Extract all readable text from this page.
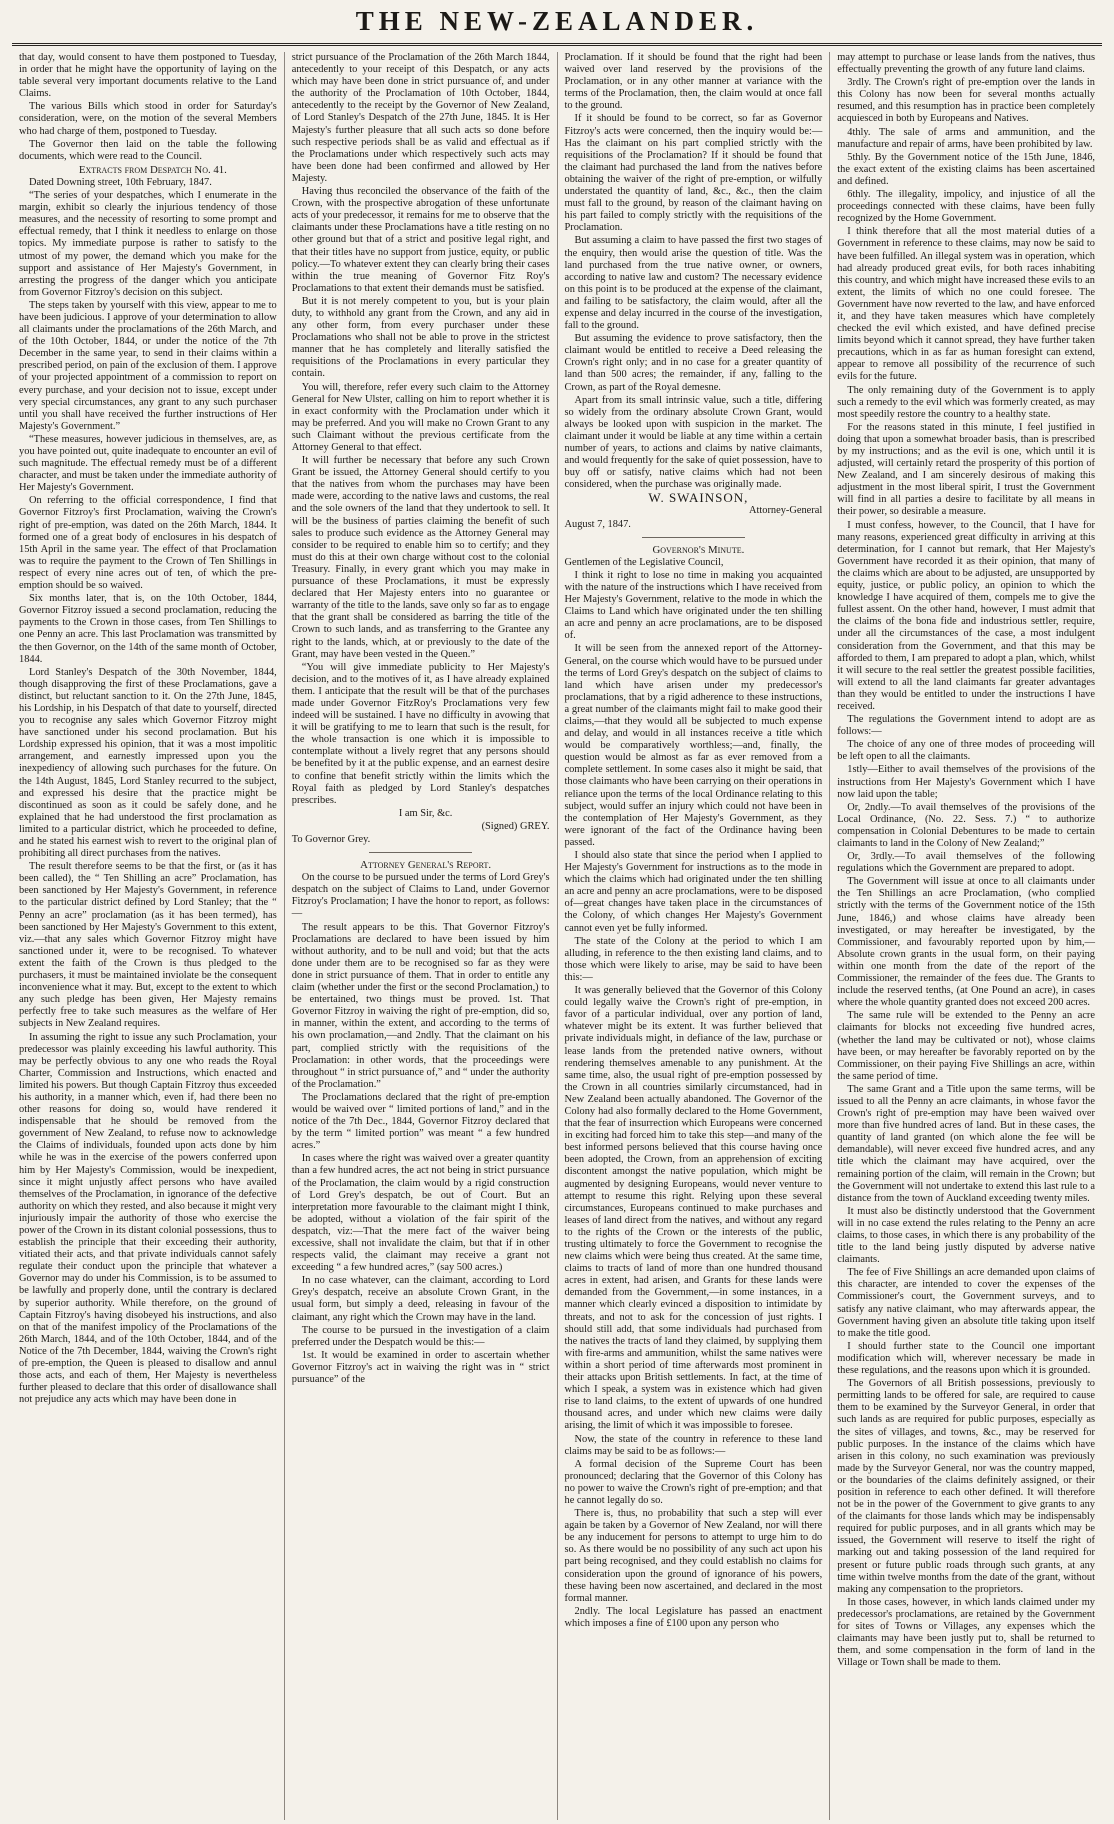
THE NEW-ZEALANDER.

that day, would consent to have them postponed to Tuesday, in order that he might have the opportunity of laying on the table several very important documents relative to the Land Claims.

The various Bills which stood in order for Saturday's consideration, were, on the motion of the several Members who had charge of them, postponed to Tuesday.

The Governor then laid on the table the following documents, which were read to the Council.

Extracts from Despatch No. 41.

Dated Downing street, 10th February, 1847.

“The series of your despatches, which I enumerate in the margin, exhibit so clearly the injurious tendency of those measures, and the necessity of resorting to some prompt and effectual remedy, that I think it needless to enlarge on those topics. My immediate purpose is rather to satisfy to the utmost of my power, the demand which you make for the support and assistance of Her Majesty's Government, in arresting the progress of the danger which you anticipate from Governor Fitzroy's decision on this subject.

The steps taken by yourself with this view, appear to me to have been judicious. I approve of your determination to allow all claimants under the proclamations of the 26th March, and of the 10th October, 1844, or under the notice of the 7th December in the same year, to send in their claims within a prescribed period, on pain of the exclusion of them. I approve of your projected appointment of a commission to report on every purchase, and your decision not to issue, except under very special circumstances, any grant to any such purchaser until you shall have received the further instructions of Her Majesty's Government.”

“These measures, however judicious in themselves, are, as you have pointed out, quite inadequate to encounter an evil of such magnitude. The effectual remedy must be of a different character, and must be taken under the immediate authority of Her Majesty's Government.

On referring to the official correspondence, I find that Governor Fitzroy's first Proclamation, waiving the Crown's right of pre-emption, was dated on the 26th March, 1844. It formed one of a great body of enclosures in his despatch of 15th April in the same year. The effect of that Proclamation was to require the payment to the Crown of Ten Shillings in respect of every nine acres out of ten, of which the pre-emption should be so waived.

Six months later, that is, on the 10th October, 1844, Governor Fitzroy issued a second proclamation, reducing the payments to the Crown in those cases, from Ten Shillings to one Penny an acre. This last Proclamation was transmitted by the then Governor, on the 14th of the same month of October, 1844.

Lord Stanley's Despatch of the 30th November, 1844, though disapproving the first of these Proclamations, gave a distinct, but reluctant sanction to it. On the 27th June, 1845, his Lordship, in his Despatch of that date to yourself, directed you to recognise any sales which Governor Fitzroy might have sanctioned under his second proclamation. But his Lordship expressed his opinion, that it was a most impolitic arrangement, and earnestly impressed upon you the inexpediency of allowing such purchases for the future. On the 14th August, 1845, Lord Stanley recurred to the subject, and expressed his desire that the practice might be discontinued as soon as it could be safely done, and he explained that he had understood the first proclamation as limited to a particular district, which he proceeded to define, and he stated his earnest wish to revert to the original plan of prohibiting all direct purchases from the natives.

The result therefore seems to be that the first, or (as it has been called), the “ Ten Shilling an acre” Proclamation, has been sanctioned by Her Majesty's Government, in reference to the particular district defined by Lord Stanley; that the “ Penny an acre” proclamation (as it has been termed), has been sanctioned by Her Majesty's Government to this extent, viz.—that any sales which Governor Fitzroy might have sanctioned under it, were to be recognised. To whatever extent the faith of the Crown is thus pledged to the purchasers, it must be maintained inviolate be the consequent inconvenience what it may. But, except to the extent to which any such pledge has been given, Her Majesty remains perfectly free to take such measures as the welfare of Her subjects in New Zealand requires.

In assuming the right to issue any such Proclamation, your predecessor was plainly exceeding his lawful authority. This may be perfectly obvious to any one who reads the Royal Charter, Commission and Instructions, which enacted and limited his powers. But though Captain Fitzroy thus exceeded his authority, in a manner which, even if, had there been no other reasons for doing so, would have rendered it indispensable that he should be removed from the government of New Zealand, to refuse now to acknowledge the Claims of individuals, founded upon acts done by him while he was in the exercise of the powers conferred upon him by Her Majesty's Commission, would be inexpedient, since it might unjustly affect persons who have availed themselves of the Proclamation, in ignorance of the defective authority on which they rested, and also because it might very injuriously impair the authority of those who exercise the power of the Crown in its distant colonial possessions, thus to establish the principle that their exceeding their authority, vitiated their acts, and that private individuals cannot safely regulate their conduct upon the principle that whatever a Governor may do under his Commission, is to be assumed to be lawfully and properly done, until the contrary is declared by superior authority. While therefore, on the ground of Captain Fitzroy's having disobeyed his instructions, and also on that of the manifest impolicy of the Proclamations of the 26th March, 1844, and of the 10th October, 1844, and of the Notice of the 7th December, 1844, waiving the Crown's right of pre-emption, the Queen is pleased to disallow and annul those acts, and each of them, Her Majesty is nevertheless further pleased to declare that this order of disallowance shall not prejudice any acts which may have been done in

strict pursuance of the Proclamation of the 26th March 1844, antecedently to your receipt of this Despatch, or any acts which may have been done in strict pursuance of, and under the authority of the Proclamation of 10th October, 1844, antecedently to the receipt by the Governor of New Zealand, of Lord Stanley's Despatch of the 27th June, 1845. It is Her Majesty's further pleasure that all such acts so done before such respective periods shall be as valid and effectual as if the Proclamations under which respectively such acts may have been done had been confirmed and allowed by Her Majesty.

Having thus reconciled the observance of the faith of the Crown, with the prospective abrogation of these unfortunate acts of your predecessor, it remains for me to observe that the claimants under these Proclamations have a title resting on no other ground but that of a strict and positive legal right, and that their titles have no support from justice, equity, or public policy.—To whatever extent they can clearly bring their cases within the true meaning of Governor Fitz Roy's Proclamations to that extent their demands must be satisfied.

But it is not merely competent to you, but is your plain duty, to withhold any grant from the Crown, and any aid in any other form, from every purchaser under these Proclamations who shall not be able to prove in the strictest manner that he has completely and literally satisfied the requisitions of the Proclamations in every particular they contain.

You will, therefore, refer every such claim to the Attorney General for New Ulster, calling on him to report whether it is in exact conformity with the Proclamation under which it may be preferred. And you will make no Crown Grant to any such Claimant without the previous certificate from the Attorney General to that effect.

It will further be necessary that before any such Crown Grant be issued, the Attorney General should certify to you that the natives from whom the purchases may have been made were, according to the native laws and customs, the real and the sole owners of the land that they undertook to sell. It will be the business of parties claiming the benefit of such sales to produce such evidence as the Attorney General may consider to be required to enable him so to certify; and they must do this at their own charge without cost to the colonial Treasury. Finally, in every grant which you may make in pursuance of these Proclamations, it must be expressly declared that Her Majesty enters into no guarantee or warranty of the title to the lands, save only so far as to engage that the grant shall be considered as barring the title of the Crown to such lands, and as transferring to the Grantee any right to the lands, which, at or previously to the date of the Grant, may have been vested in the Queen.”

“You will give immediate publicity to Her Majesty's decision, and to the motives of it, as I have already explained them. I anticipate that the result will be that of the purchases made under Governor FitzRoy's Proclamations very few indeed will be sustained. I have no difficulty in avowing that it will be gratifying to me to learn that such is the result, for the whole transaction is one which it is impossible to contemplate without a lively regret that any persons should be benefited by it at the public expense, and an earnest desire to confine that benefit strictly within the limits which the Royal faith as pledged by Lord Stanley's despatches prescribes.

I am Sir, &c.

(Signed) GREY.

To Governor Grey.

Attorney General's Report.

On the course to be pursued under the terms of Lord Grey's despatch on the subject of Claims to Land, under Governor Fitzroy's Proclamation; I have the honor to report, as follows:—

The result appears to be this. That Governor Fitzroy's Proclamations are declared to have been issued by him without authority, and to be null and void; but that the acts done under them are to be recognised so far as they were done in strict pursuance of them. That in order to entitle any claim (whether under the first or the second Proclamation,) to be entertained, two things must be proved. 1st. That Governor Fitzroy in waiving the right of pre-emption, did so, in manner, within the extent, and according to the terms of his own proclamation,—and 2ndly. That the claimant on his part, complied strictly with the requisitions of the Proclamation: in other words, that the proceedings were throughout “ in strict pursuance of,” and “ under the authority of the Proclamation.”

The Proclamations declared that the right of pre-emption would be waived over “ limited portions of land,” and in the notice of the 7th Dec., 1844, Governor Fitzroy declared that by the term “ limited portion” was meant “ a few hundred acres.”

In cases where the right was waived over a greater quantity than a few hundred acres, the act not being in strict pursuance of the Proclamation, the claim would by a rigid construction of Lord Grey's despatch, be out of Court. But an interpretation more favourable to the claimant might I think, be adopted, without a violation of the fair spirit of the despatch, viz:—That the mere fact of the waiver being excessive, shall not invalidate the claim, but that if in other respects valid, the claimant may receive a grant not exceeding “ a few hundred acres,” (say 500 acres.)

In no case whatever, can the claimant, according to Lord Grey's despatch, receive an absolute Crown Grant, in the usual form, but simply a deed, releasing in favour of the claimant, any right which the Crown may have in the land.

The course to be pursued in the investigation of a claim preferred under the Despatch would be this:—

1st. It would be examined in order to ascertain whether Governor Fitzroy's act in waiving the right was in “ strict pursuance” of the

Proclamation. If it should be found that the right had been waived over land reserved by the provisions of the Proclamation, or in any other manner at variance with the terms of the Proclamation, then, the claim would at once fall to the ground.

If it should be found to be correct, so far as Governor Fitzroy's acts were concerned, then the inquiry would be:—Has the claimant on his part complied strictly with the requisitions of the Proclamation? If it should be found that the claimant had purchased the land from the natives before obtaining the waiver of the right of pre-emption, or wilfully understated the quantity of land, &c., &c., then the claim must fall to the ground, by reason of the claimant having on his part failed to comply strictly with the requisitions of the Proclamation.

But assuming a claim to have passed the first two stages of the enquiry, then would arise the question of title. Was the land purchased from the true native owner, or owners, according to native law and custom? The necessary evidence on this point is to be produced at the expense of the claimant, and failing to be satisfactory, the claim would, after all the expense and delay incurred in the course of the investigation, fall to the ground.

But assuming the evidence to prove satisfactory, then the claimant would be entitled to receive a Deed releasing the Crown's right only; and in no case for a greater quantity of land than 500 acres; the remainder, if any, falling to the Crown, as part of the Royal demesne.

Apart from its small intrinsic value, such a title, differing so widely from the ordinary absolute Crown Grant, would always be looked upon with suspicion in the market. The claimant under it would be liable at any time within a certain number of years, to actions and claims by native claimants, and would frequently for the sake of quiet possession, have to buy off or satisfy, native claims which had not been considered, when the purchase was originally made.

W. SWAINSON,

Attorney-General

August 7, 1847.

Governor's Minute.

Gentlemen of the Legislative Council,

I think it right to lose no time in making you acquainted with the nature of the instructions which I have received from Her Majesty's Government, relative to the mode in which the Claims to Land which have originated under the ten shilling an acre and penny an acre proclamations, are to be disposed of.

It will be seen from the annexed report of the Attorney-General, on the course which would have to be pursued under the terms of Lord Grey's despatch on the subject of claims to land which have arisen under my predecessor's proclamations, that by a rigid adherence to these instructions, a great number of the claimants might fail to make good their claims,—that they would all be subjected to much expense and delay, and would in all instances receive a title which would be comparatively worthless;—and, finally, the question would be almost as far as ever removed from a complete settlement. In some cases also it might be said, that those claimants who have been carrying on their operations in reliance upon the terms of the local Ordinance relating to this subject, would suffer an injury which could not have been in the contemplation of Her Majesty's Government, as they were ignorant of the fact of the Ordinance having been passed.

I should also state that since the period when I applied to Her Majesty's Government for instructions as to the mode in which the claims which had originated under the ten shilling an acre and penny an acre proclamations, were to be disposed of—great changes have taken place in the circumstances of the Colony, of which changes Her Majesty's Government cannot even yet be fully informed.

The state of the Colony at the period to which I am alluding, in reference to the then existing land claims, and to those which were likely to arise, may be said to have been this:—

It was generally believed that the Governor of this Colony could legally waive the Crown's right of pre-emption, in favor of a particular individual, over any portion of land, whatever might be its extent. It was further believed that private individuals might, in defiance of the law, purchase or lease lands from the pretended native owners, without rendering themselves amenable to any punishment. At the same time, also, the usual right of pre-emption possessed by the Crown in all countries similarly circumstanced, had in New Zealand been actually abandoned. The Governor of the Colony had also formally declared to the Home Government, that the fear of insurrection which Europeans were concerned in exciting had forced him to take this step—and many of the best informed persons believed that this course having once been adopted, the Crown, from an apprehension of exciting discontent amongst the native population, which might be augmented by designing Europeans, would never venture to attempt to resume this right. Relying upon these several circumstances, Europeans continued to make purchases and leases of land direct from the natives, and without any regard to the rights of the Crown or the interests of the public, trusting ultimately to force the Government to recognise the new claims which were being thus created. At the same time, claims to tracts of land of more than one hundred thousand acres in extent, had arisen, and Grants for these lands were demanded from the Government,—in some instances, in a manner which clearly evinced a disposition to intimidate by threats, and not to ask for the concession of just rights. I should still add, that some individuals had purchased from the natives the tracts of land they claimed, by supplying them with fire-arms and ammunition, whilst the same natives were within a short period of time afterwards most prominent in their attacks upon British settlements. In fact, at the time of which I speak, a system was in existence which had given rise to land claims, to the extent of upwards of one hundred thousand acres, and under which new claims were daily arising, the limit of which it was impossible to foresee.

Now, the state of the country in reference to these land claims may be said to be as follows:—

A formal decision of the Supreme Court has been pronounced; declaring that the Governor of this Colony has no power to waive the Crown's right of pre-emption; and that he cannot legally do so.

There is, thus, no probability that such a step will ever again be taken by a Governor of New Zealand, nor will there be any inducement for persons to attempt to urge him to do so. As there would be no possibility of any such act upon his part being recognised, and they could establish no claims for consideration upon the ground of ignorance of his powers, these having been now ascertained, and declared in the most formal manner.

2ndly. The local Legislature has passed an enactment which imposes a fine of £100 upon any person who

may attempt to purchase or lease lands from the natives, thus effectually preventing the growth of any future land claims.

3rdly. The Crown's right of pre-emption over the lands in this Colony has now been for several months actually resumed, and this resumption has in practice been completely acquiesced in both by Europeans and Natives.

4thly. The sale of arms and ammunition, and the manufacture and repair of arms, have been prohibited by law.

5thly. By the Government notice of the 15th June, 1846, the exact extent of the existing claims has been ascertained and defined.

6thly. The illegality, impolicy, and injustice of all the proceedings connected with these claims, have been fully recognized by the Home Government.

I think therefore that all the most material duties of a Government in reference to these claims, may now be said to have been fulfilled. An illegal system was in operation, which had already produced great evils, for both races inhabiting this country, and which might have increased these evils to an extent, the limits of which no one could foresee. The Government have now reverted to the law, and have enforced it, and they have taken measures which have completely checked the evil which existed, and have defined precise limits beyond which it cannot spread, they have further taken precautions, which in as far as human foresight can extend, appear to remove all possibility of the recurrence of such evils for the future.

The only remaining duty of the Government is to apply such a remedy to the evil which was formerly created, as may most speedily restore the country to a healthy state.

For the reasons stated in this minute, I feel justified in doing that upon a somewhat broader basis, than is prescribed by my instructions; and as the evil is one, which until it is adjusted, will certainly retard the prosperity of this portion of New Zealand, and I am sincerely desirous of making this adjustment in the most liberal spirit, I trust the Government will find in all parties a desire to facilitate by all means in their power, so desirable a measure.

I must confess, however, to the Council, that I have for many reasons, experienced great difficulty in arriving at this determination, for I cannot but remark, that Her Majesty's Government have recorded it as their opinion, that many of the claims which are about to be adjusted, are unsupported by equity, justice, or public policy, an opinion to which the knowledge I have acquired of them, compels me to give the fullest assent. On the other hand, however, I must admit that the claims of the bona fide and industrious settler, require, under all the circumstances of the case, a most indulgent consideration from the Government, and that this may be afforded to them, I am prepared to adopt a plan, which, whilst it will secure to the real settler the greatest possible facilities, will extend to all the land claimants far greater advantages than they would be entitled to under the instructions I have received.

The regulations the Government intend to adopt are as follows:—

The choice of any one of three modes of proceeding will be left open to all the claimants.

1stly—Either to avail themselves of the provisions of the instructions from Her Majesty's Government which I have now laid upon the table;

Or, 2ndly.—To avail themselves of the provisions of the Local Ordinance, (No. 22. Sess. 7.) “ to authorize compensation in Colonial Debentures to be made to certain claimants to land in the Colony of New Zealand;”

Or, 3rdly.—To avail themselves of the following regulations which the Government are prepared to adopt.

The Government will issue at once to all claimants under the Ten Shillings an acre Proclamation, (who complied strictly with the terms of the Government notice of the 15th June, 1846,) and whose claims have already been investigated, or may hereafter be investigated, by the Commissioner, and favourably reported upon by him,—Absolute crown grants in the usual form, on their paying within one month from the date of the report of the Commissioner, the remainder of the fees due. The Grants to include the reserved tenths, (at One Pound an acre), in cases where the whole quantity granted does not exceed 200 acres.

The same rule will be extended to the Penny an acre claimants for blocks not exceeding five hundred acres, (whether the land may be cultivated or not), whose claims have been, or may hereafter be favorably reported on by the Commissioner, on their paying Five Shillings an acre, within the same period of time.

The same Grant and a Title upon the same terms, will be issued to all the Penny an acre claimants, in whose favor the Crown's right of pre-emption may have been waived over more than five hundred acres of land. But in these cases, the quantity of land granted (on which alone the fee will be demandable), will never exceed five hundred acres, and any title which the claimant may have acquired, over the remaining portion of the claim, will remain in the Crown; but the Government will not undertake to extend this last rule to a distance from the town of Auckland exceeding twenty miles.

It must also be distinctly understood that the Government will in no case extend the rules relating to the Penny an acre claims, to those cases, in which there is any probability of the title to the land being justly disputed by adverse native claimants.

The fee of Five Shillings an acre demanded upon claims of this character, are intended to cover the expenses of the Commissioner's court, the Government surveys, and to satisfy any native claimant, who may afterwards appear, the Government having given an absolute title taking upon itself to make the title good.

I should further state to the Council one important modification which will, wherever necessary be made in these regulations, and the reasons upon which it is grounded.

The Governors of all British possessions, previously to permitting lands to be offered for sale, are required to cause them to be examined by the Surveyor General, in order that such lands as are required for public purposes, especially as the sites of villages, and towns, &c., may be reserved for public purposes. In the instance of the claims which have arisen in this colony, no such examination was previously made by the Surveyor General, nor was the country mapped, or the boundaries of the claims definitely assigned, or their position in reference to each other defined. It will therefore not be in the power of the Government to give grants to any of the claimants for those lands which may be indispensably required for public purposes, and in all grants which may be issued, the Government will reserve to itself the right of marking out and taking possession of the land required for present or future public roads through such grants, at any time within twelve months from the date of the grant, without making any compensation to the proprietors.

In those cases, however, in which lands claimed under my predecessor's proclamations, are retained by the Government for sites of Towns or Villages, any expenses which the claimants may have been justly put to, shall be returned to them, and some compensation in the form of land in the Village or Town shall be made to them.
